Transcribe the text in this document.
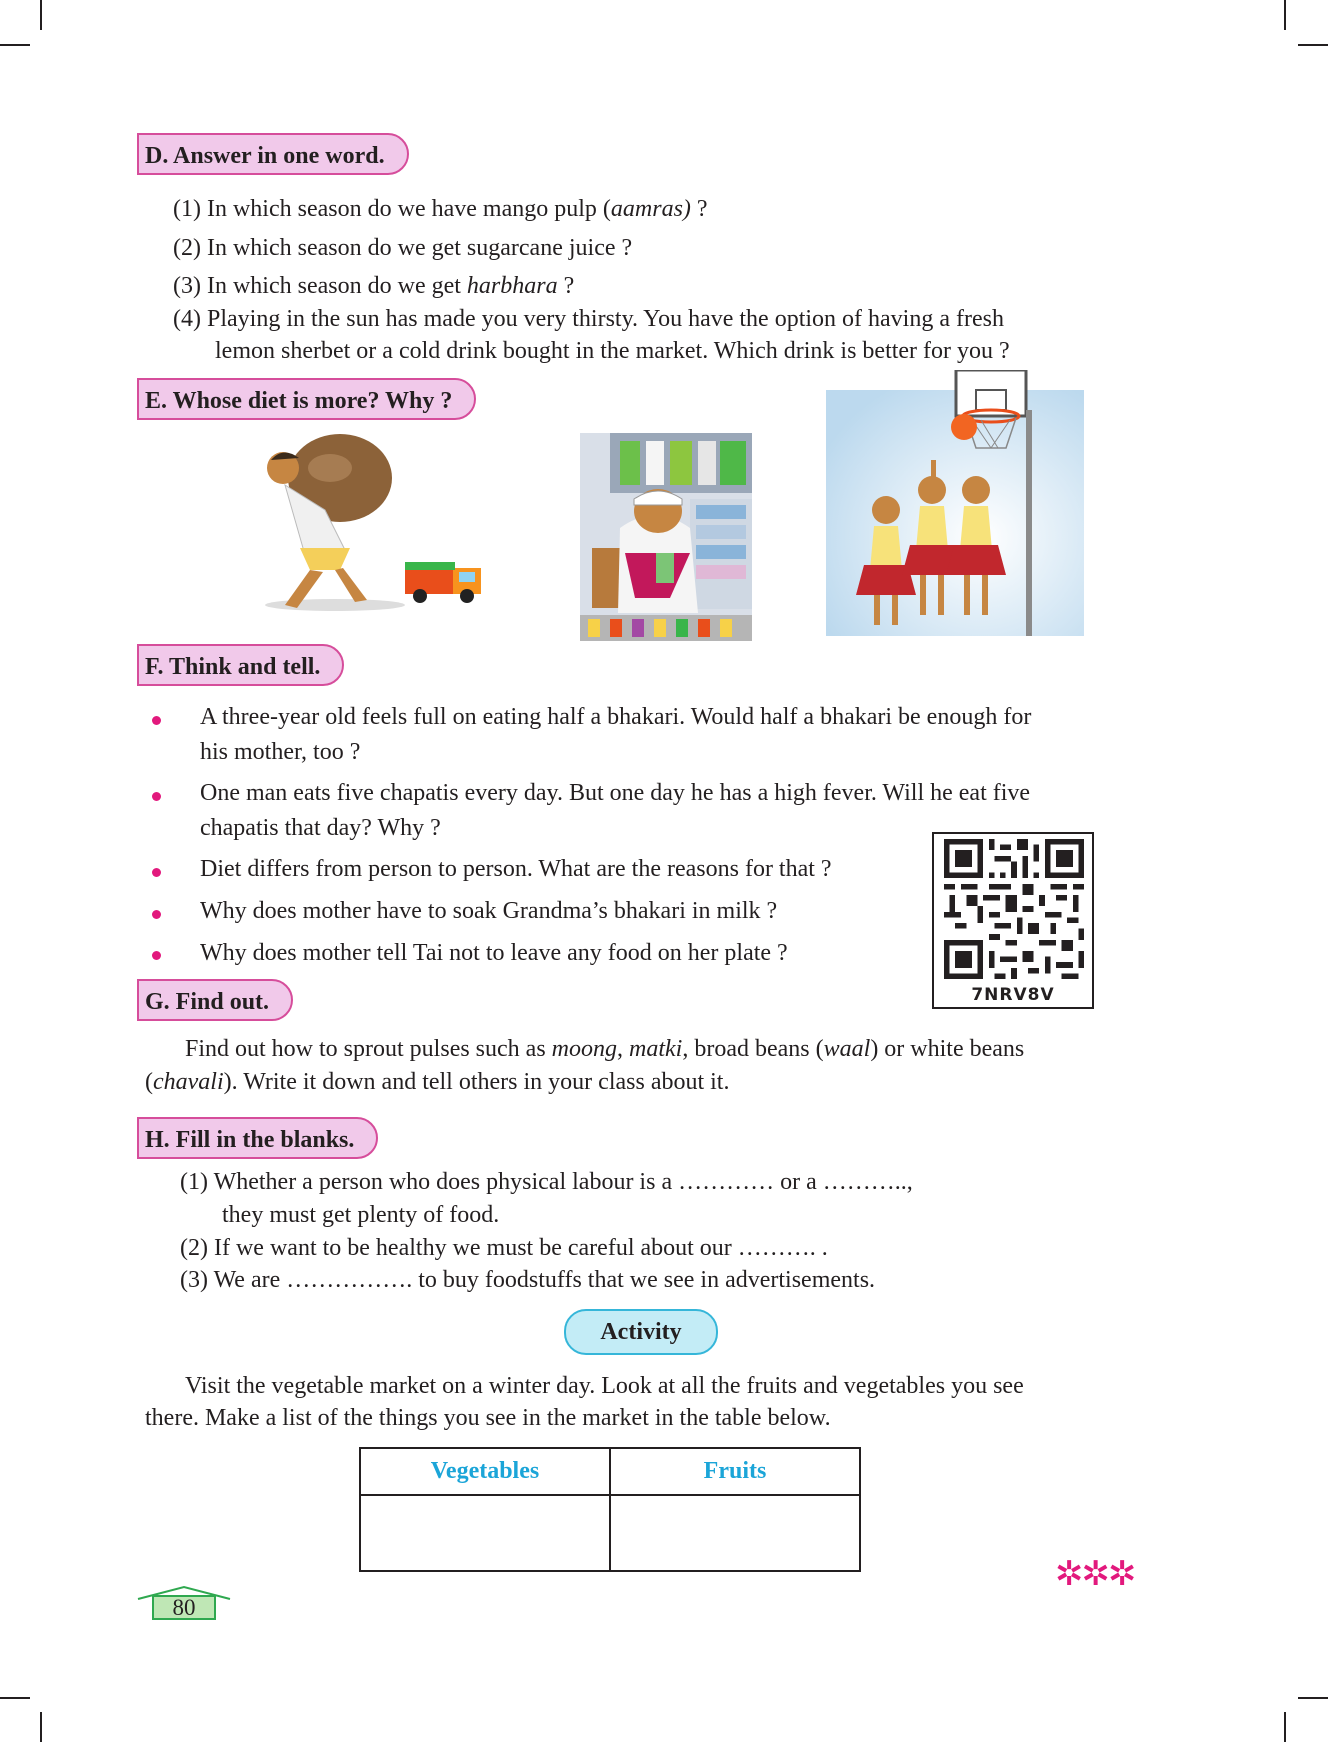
D. Answer in one word.
(1) In which season do we have mango pulp (aamras) ?
(2) In which season do we get sugarcane juice ?
(3) In which season do we get harbhara ?
(4) Playing in the sun has made you very thirsty. You have the option of having a fresh
lemon sherbet or a cold drink bought in the market. Which drink is better for you ?
E. Whose diet is more? Why ?
F. Think and tell.
A three-year old feels full on eating half a bhakari. Would half a bhakari be enough for
his mother, too ?
One man eats five chapatis every day. But one day he has a high fever. Will he eat five
chapatis that day? Why ?
Diet differs from person to person. What are the reasons for that ?
Why does mother have to soak Grandma’s bhakari in milk ?
Why does mother tell Tai not to leave any food on her plate ?
7NRV8V
G. Find out.
Find out how to sprout pulses such as moong, matki, broad beans (waal) or white beans
(chavali). Write it down and tell others in your class about it.
H. Fill in the blanks.
(1) Whether a person who does physical labour is a ………… or a ………..,
they must get plenty of food.
(2) If we want to be healthy we must be careful about our ………. .
(3) We are ……………. to buy foodstuffs that we see in advertisements.
Activity
Visit the vegetable market on a winter day. Look at all the fruits and vegetables you see
there. Make a list of the things you see in the market in the table below.
Vegetables	Fruits

✲✲✲
80
